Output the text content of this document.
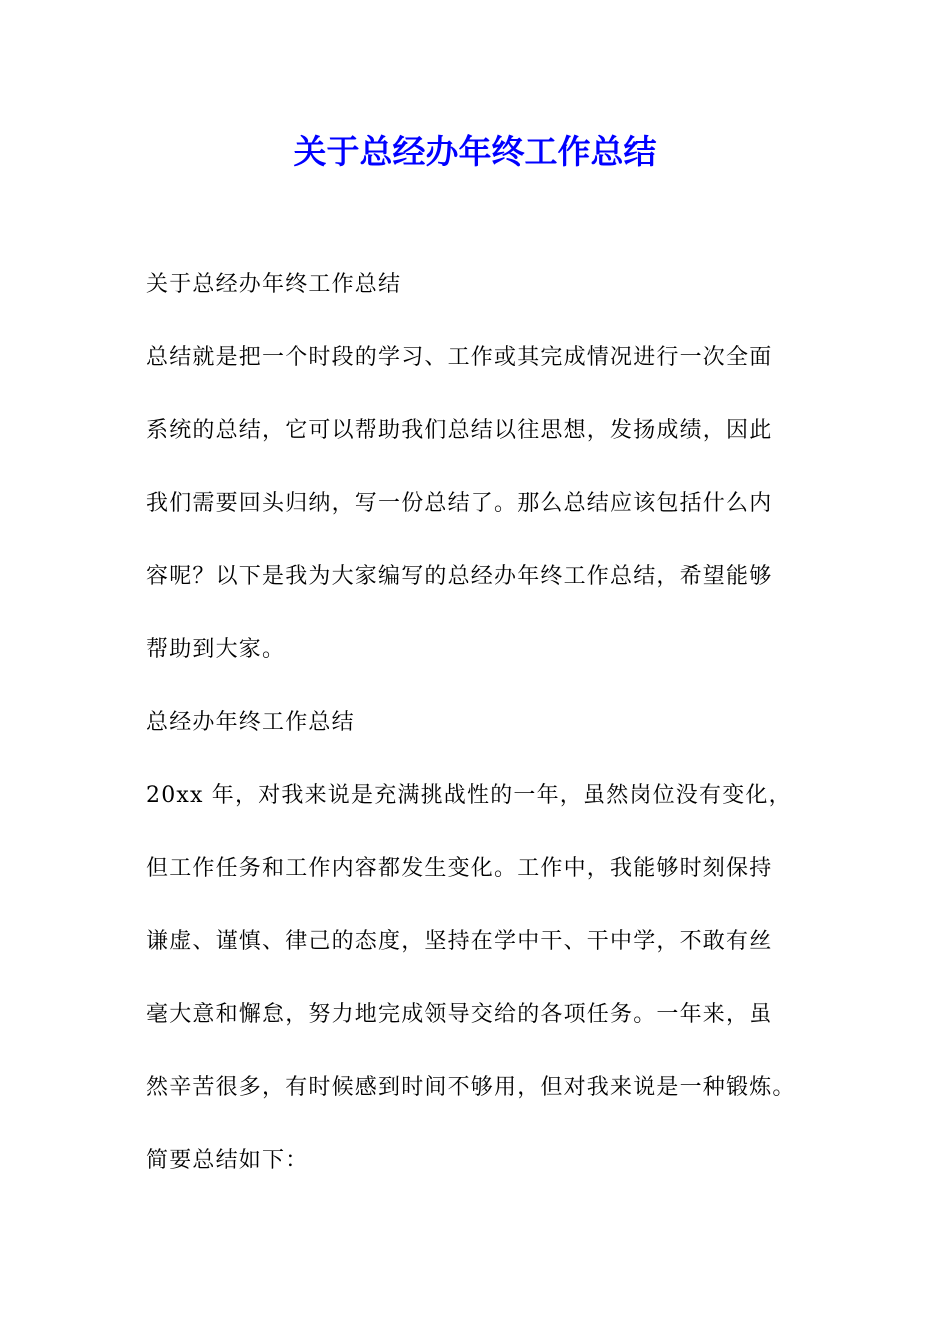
关于总经办年终工作总结
关于总经办年终工作总结
总结就是把一个时段的学习、工作或其完成情况进行一次全面
系统的总结，它可以帮助我们总结以往思想，发扬成绩，因此
我们需要回头归纳，写一份总结了。那么总结应该包括什么内
容呢？以下是我为大家编写的总经办年终工作总结，希望能够
帮助到大家。
总经办年终工作总结
20xx 年，对我来说是充满挑战性的一年，虽然岗位没有变化，
但工作任务和工作内容都发生变化。工作中，我能够时刻保持
谦虚、谨慎、律己的态度，坚持在学中干、干中学，不敢有丝
毫大意和懈怠，努力地完成领导交给的各项任务。一年来，虽
然辛苦很多，有时候感到时间不够用，但对我来说是一种锻炼。
简要总结如下：
